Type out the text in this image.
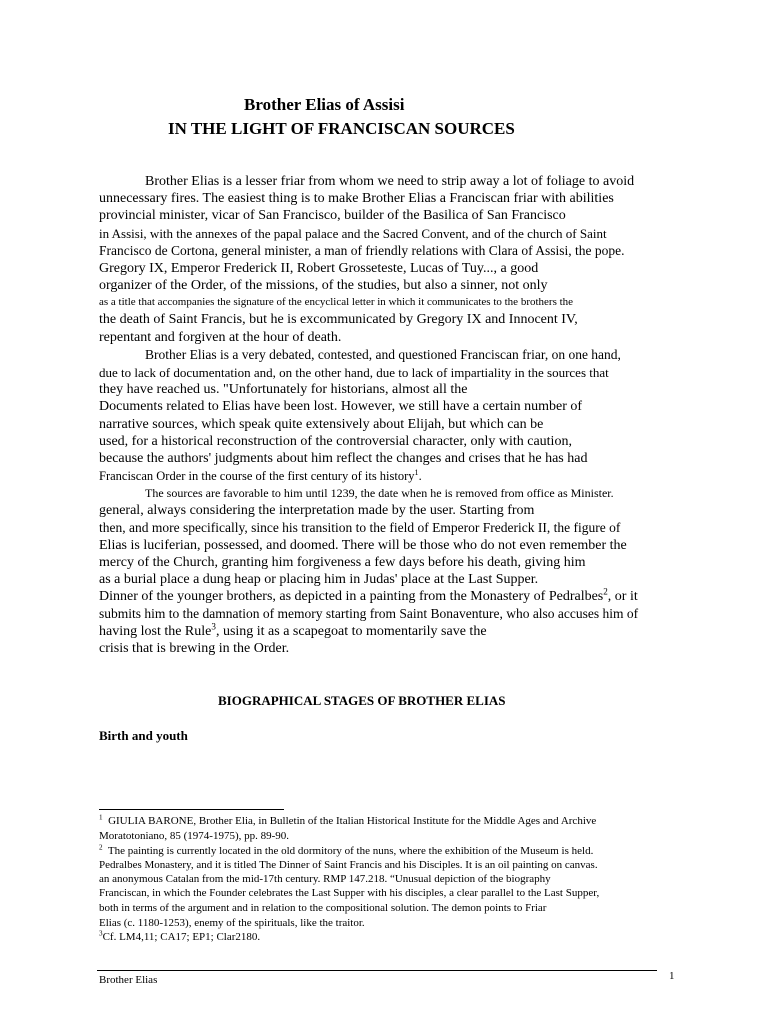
Brother Elias of Assisi
IN THE LIGHT OF FRANCISCAN SOURCES
Brother Elias is a lesser friar from whom we need to strip away a lot of foliage to avoid
unnecessary fires. The easiest thing is to make Brother Elias a Franciscan friar with abilities
provincial minister, vicar of San Francisco, builder of the Basilica of San Francisco
in Assisi, with the annexes of the papal palace and the Sacred Convent, and of the church of Saint
Francisco de Cortona, general minister, a man of friendly relations with Clara of Assisi, the pope.
Gregory IX, Emperor Frederick II, Robert Grosseteste, Lucas of Tuy..., a good
organizer of the Order, of the missions, of the studies, but also a sinner, not only
as a title that accompanies the signature of the encyclical letter in which it communicates to the brothers the
the death of Saint Francis, but he is excommunicated by Gregory IX and Innocent IV,
repentant and forgiven at the hour of death.
Brother Elias is a very debated, contested, and questioned Franciscan friar, on one hand,
due to lack of documentation and, on the other hand, due to lack of impartiality in the sources that
they have reached us. "Unfortunately for historians, almost all the
Documents related to Elias have been lost. However, we still have a certain number of
narrative sources, which speak quite extensively about Elijah, but which can be
used, for a historical reconstruction of the controversial character, only with caution,
because the authors' judgments about him reflect the changes and crises that he has had
Franciscan Order in the course of the first century of its history$^1$.
The sources are favorable to him until 1239, the date when he is removed from office as Minister.
general, always considering the interpretation made by the user. Starting from
then, and more specifically, since his transition to the field of Emperor Frederick II, the figure of
Elias is luciferian, possessed, and doomed. There will be those who do not even remember the
mercy of the Church, granting him forgiveness a few days before his death, giving him
as a burial place a dung heap or placing him in Judas' place at the Last Supper.
Dinner of the younger brothers, as depicted in a painting from the Monastery of Pedralbes$^2$, or it
submits him to the damnation of memory starting from Saint Bonaventure, who also accuses him of
having lost the Rule$^3$, using it as a scapegoat to momentarily save the
crisis that is brewing in the Order.
BIOGRAPHICAL STAGES OF BROTHER ELIAS
Birth and youth
$^1$ GIULIA BARONE, Brother Elia, in Bulletin of the Italian Historical Institute for the Middle Ages and Archive
Moratotoniano, 85 (1974-1975), pp. 89-90.
$^2$ The painting is currently located in the old dormitory of the nuns, where the exhibition of the Museum is held.
Pedralbes Monastery, and it is titled The Dinner of Saint Francis and his Disciples. It is an oil painting on canvas.
an anonymous Catalan from the mid-17th century. RMP 147.218. “Unusual depiction of the biography
Franciscan, in which the Founder celebrates the Last Supper with his disciples, a clear parallel to the Last Supper,
both in terms of the argument and in relation to the compositional solution. The demon points to Friar
Elias (c. 1180-1253), enemy of the spirituals, like the traitor.
$^3$Cf. LM4,11; CA17; EP1; Clar2180.
Brother Elias	1
